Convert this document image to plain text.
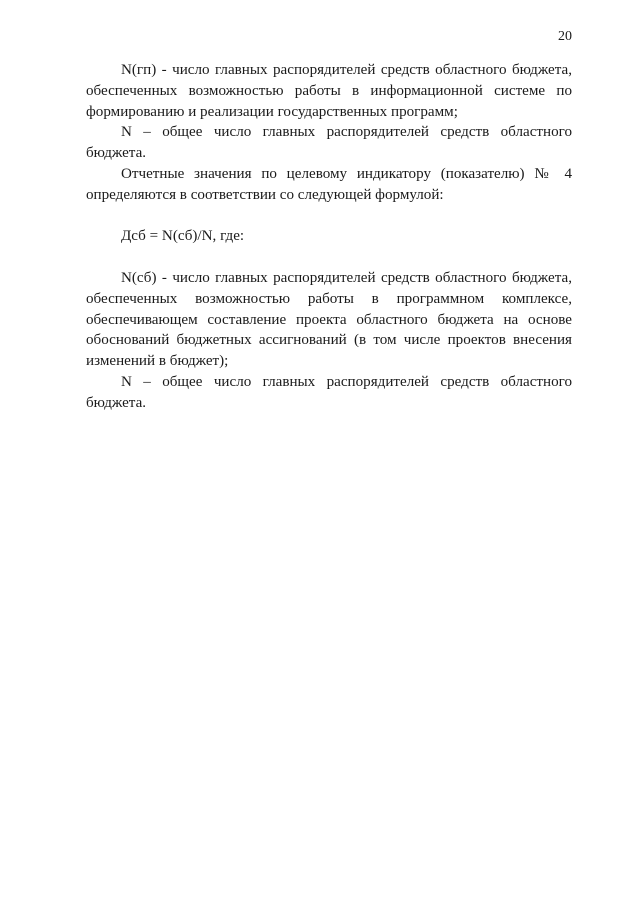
20

N(гп) - число главных распорядителей средств областного бюджета, обеспеченных возможностью работы в информационной системе по формированию и реализации государственных программ;

N – общее число главных распорядителей средств областного бюджета.

Отчетные значения по целевому индикатору (показателю) № 4 определяются в соответствии со следующей формулой:

Дсб = N(сб)/N, где:

N(сб) - число главных распорядителей средств областного бюджета, обеспеченных возможностью работы в программном комплексе, обеспечивающем составление проекта областного бюджета на основе обоснований бюджетных ассигнований (в том числе проектов внесения изменений в бюджет);

N – общее число главных распорядителей средств областного бюджета.
